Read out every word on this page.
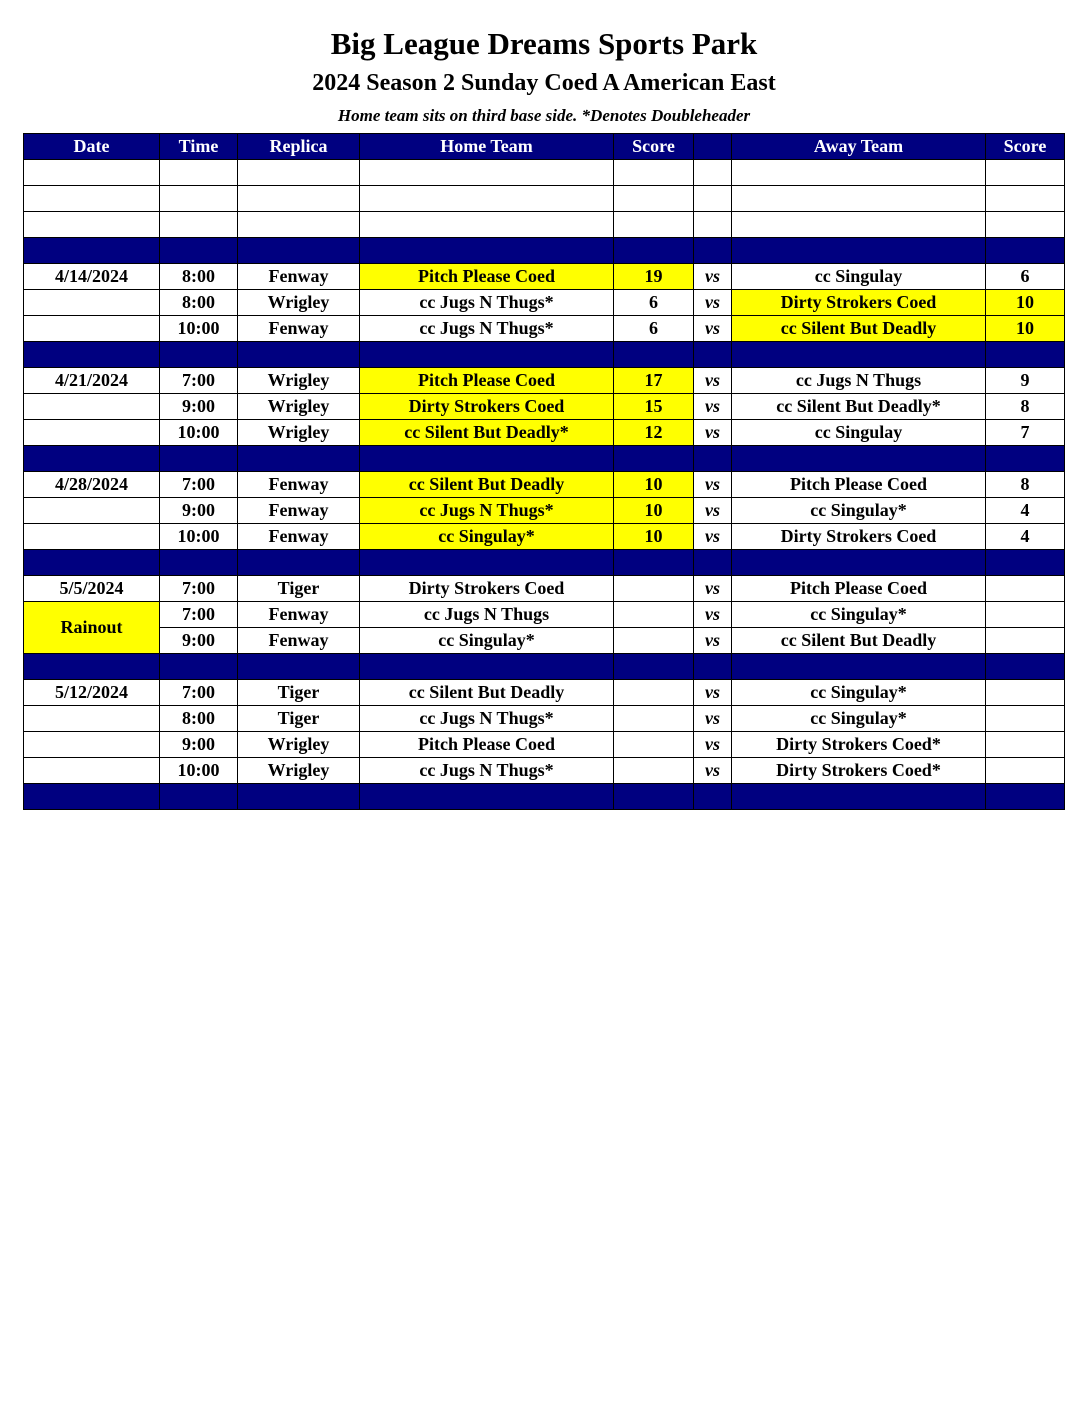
Big League Dreams Sports Park
2024 Season 2 Sunday Coed A American East
Home team sits on third base side. *Denotes Doubleheader
Date	Time	Replica	Home Team	Score		Away Team	Score

4/14/2024	8:00	Fenway	Pitch Please Coed	19	vs	cc Singulay	6
	8:00	Wrigley	cc Jugs N Thugs*	6	vs	Dirty Strokers Coed	10
	10:00	Fenway	cc Jugs N Thugs*	6	vs	cc Silent But Deadly	10

4/21/2024	7:00	Wrigley	Pitch Please Coed	17	vs	cc Jugs N Thugs	9
	9:00	Wrigley	Dirty Strokers Coed	15	vs	cc Silent But Deadly*	8
	10:00	Wrigley	cc Silent But Deadly*	12	vs	cc Singulay	7

4/28/2024	7:00	Fenway	cc Silent But Deadly	10	vs	Pitch Please Coed	8
	9:00	Fenway	cc Jugs N Thugs*	10	vs	cc Singulay*	4
	10:00	Fenway	cc Singulay*	10	vs	Dirty Strokers Coed	4

5/5/2024	7:00	Tiger	Dirty Strokers Coed		vs	Pitch Please Coed	
Rainout	7:00	Fenway	cc Jugs N Thugs		vs	cc Singulay*	
	9:00	Fenway	cc Singulay*		vs	cc Silent But Deadly	

5/12/2024	7:00	Tiger	cc Silent But Deadly		vs	cc Singulay*	
	8:00	Tiger	cc Jugs N Thugs*		vs	cc Singulay*	
	9:00	Wrigley	Pitch Please Coed		vs	Dirty Strokers Coed*	
	10:00	Wrigley	cc Jugs N Thugs*		vs	Dirty Strokers Coed*	
